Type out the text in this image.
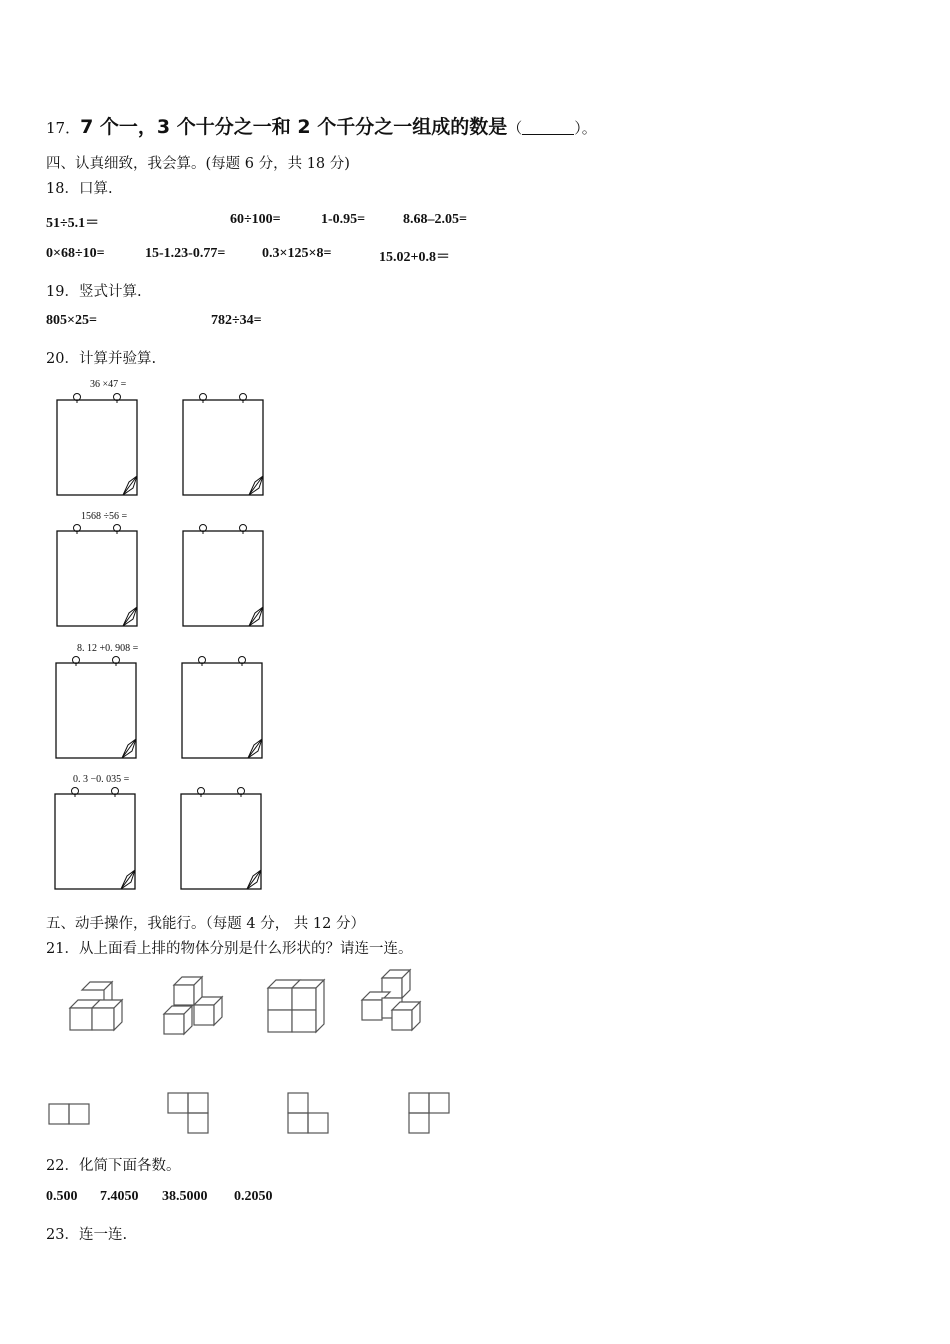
17．7 个一，3 个十分之一和 2 个千分之一组成的数是（	）。
四、认真细致，我会算。(每题 6 分，共 18 分)
18．口算.
51÷5.1＝	60÷100=	1-0.95=	8.68–2.05=
0×68÷10=	15-1.23-0.77=	0.3×125×8=	15.02+0.8＝
19．竖式计算.
805×25=	782÷34=
20．计算并验算.
36 ×47 =
1568 ÷56 =
8. 12 +0. 908 =
0. 3 −0. 035 =
五、动手操作，我能行。（每题 4 分， 共 12 分）
21．从上面看上排的物体分别是什么形状的？请连一连。
22．化简下面各数。
0.500 7.4050 38.5000 0.2050
23．连一连.
